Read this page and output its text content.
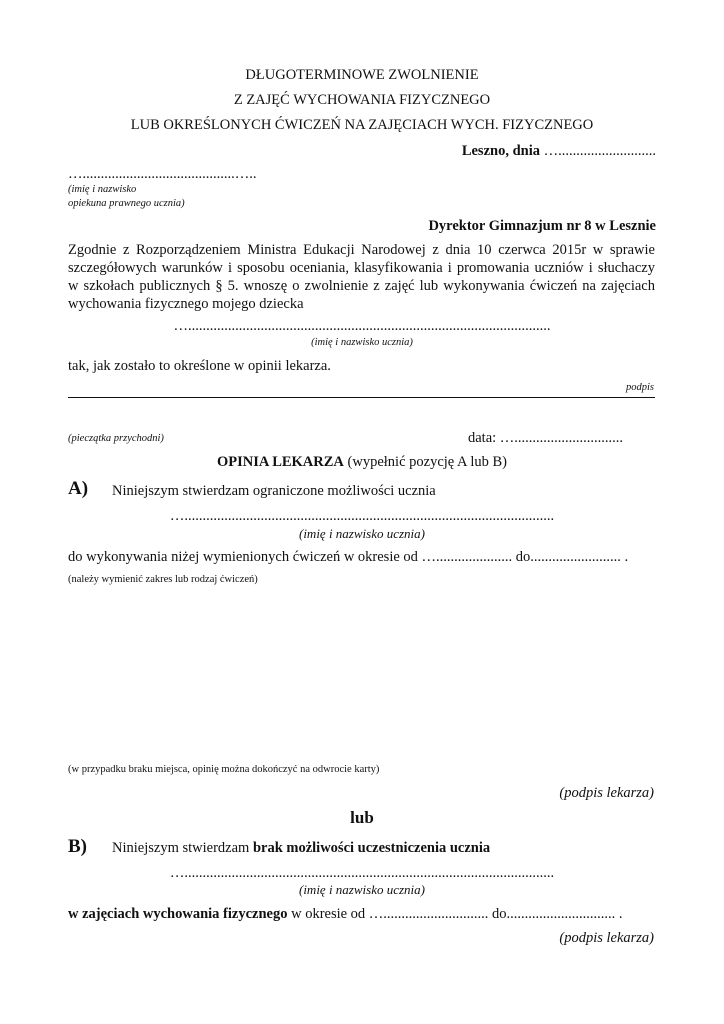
DŁUGOTERMINOWE ZWOLNIENIE
Z ZAJĘĆ WYCHOWANIA FIZYCZNEGO
LUB OKREŚLONYCH ĆWICZEŃ NA ZAJĘCIACH WYCH. FIZYCZNEGO
Leszno, dnia …...........................
…..........................................…..
(imię i nazwisko
opiekuna prawnego ucznia)
Dyrektor Gimnazjum nr 8 w Lesznie
Zgodnie z Rozporządzeniem Ministra Edukacji Narodowej z dnia 10 czerwca 2015r w sprawie
szczegółowych warunków i sposobu oceniania, klasyfikowania i promowania uczniów i słuchaczy
w szkołach publicznych § 5. wnoszę o zwolnienie z zajęć lub wykonywania ćwiczeń na zajęciach
wychowania fizycznego mojego dziecka
…....................................................................................................
(imię i nazwisko ucznia)
tak, jak zostało to określone w opinii lekarza.
podpis
(pieczątka przychodni)	data: …..............................
OPINIA LEKARZA (wypełnić pozycję A lub B)
A) Niniejszym stwierdzam ograniczone możliwości ucznia
…......................................................................................................
(imię i nazwisko ucznia)
do wykonywania niżej wymienionych ćwiczeń w okresie od …..................... do......................... .
(należy wymienić zakres lub rodzaj ćwiczeń)
(w przypadku braku miejsca, opinię można dokończyć na odwrocie karty)
(podpis lekarza)
lub
B) Niniejszym stwierdzam brak możliwości uczestniczenia ucznia
…......................................................................................................
(imię i nazwisko ucznia)
w zajęciach wychowania fizycznego w okresie od …............................. do.............................. .
(podpis lekarza)
